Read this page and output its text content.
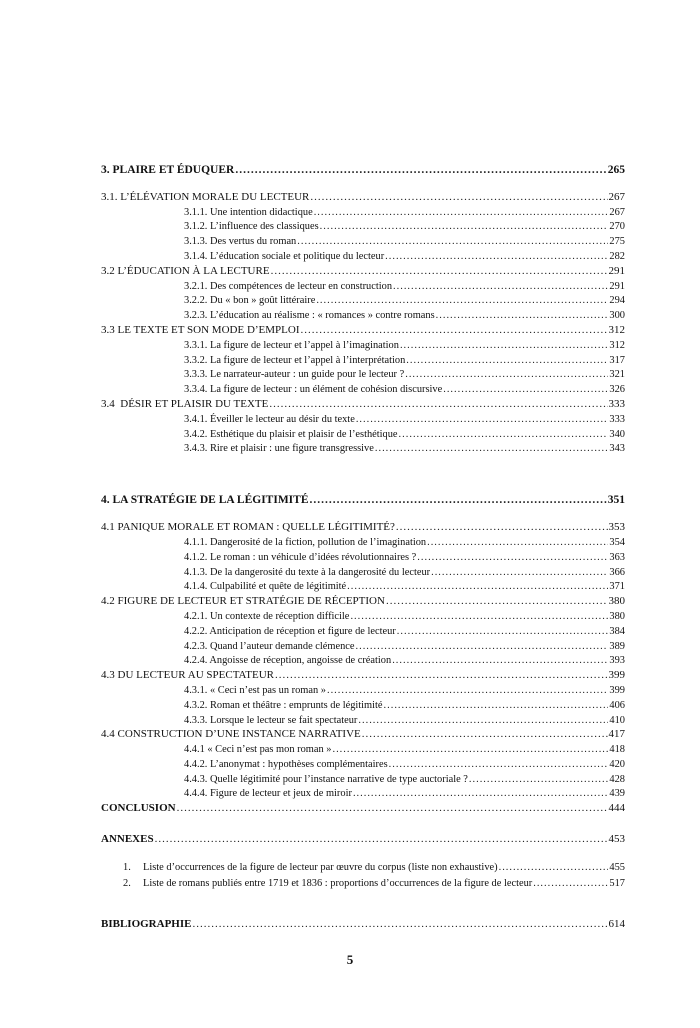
3. PLAIRE ET ÉDUQUER .....	265
3.1. L’ÉLÉVATION MORALE DU LECTEUR .....	267
3.1.1. Une intention didactique .....	267
3.1.2. L’influence des classiques .....	270
3.1.3. Des vertus du roman .....	275
3.1.4. L’éducation sociale et politique du lecteur .....	282
3.2 L’ÉDUCATION À LA LECTURE .....	291
3.2.1. Des compétences de lecteur en construction .....	291
3.2.2. Du « bon » goût littéraire .....	294
3.2.3. L’éducation au réalisme : « romances » contre romans .....	300
3.3 LE TEXTE ET SON MODE D’EMPLOI .....	312
3.3.1. La figure de lecteur et l’appel à l’imagination .....	312
3.3.2. La figure de lecteur et l’appel à l’interprétation .....	317
3.3.3. Le narrateur-auteur : un guide pour le lecteur ? .....	321
3.3.4. La figure de lecteur : un élément de cohésion discursive .....	326
3.4  DÉSIR ET PLAISIR DU TEXTE .....	333
3.4.1. Éveiller le lecteur au désir du texte .....	333
3.4.2. Esthétique du plaisir et plaisir de l’esthétique .....	340
3.4.3. Rire et plaisir : une figure transgressive .....	343
4. LA STRATÉGIE DE LA LÉGITIMITÉ .....	351
4.1 PANIQUE MORALE ET ROMAN : QUELLE LÉGITIMITÉ? .....	353
4.1.1. Dangerosité de la fiction, pollution de l’imagination .....	354
4.1.2. Le roman : un véhicule d’idées révolutionnaires ? .....	363
4.1.3. De la dangerosité du texte à la dangerosité du lecteur .....	366
4.1.4. Culpabilité et quête de légitimité .....	371
4.2 FIGURE DE LECTEUR ET STRATÉGIE DE RÉCEPTION .....	380
4.2.1. Un contexte de réception difficile .....	380
4.2.2. Anticipation de réception et figure de lecteur .....	384
4.2.3. Quand l’auteur demande clémence .....	389
4.2.4. Angoisse de réception, angoisse de création .....	393
4.3 DU LECTEUR AU SPECTATEUR .....	399
4.3.1. « Ceci n’est pas un roman » .....	399
4.3.2. Roman et théâtre : emprunts de légitimité .....	406
4.3.3. Lorsque le lecteur se fait spectateur .....	410
4.4 CONSTRUCTION D’UNE INSTANCE NARRATIVE .....	417
4.4.1 « Ceci n’est pas mon roman » .....	418
4.4.2. L’anonymat : hypothèses complémentaires .....	420
4.4.3. Quelle légitimité pour l’instance narrative de type auctoriale ? .....	428
4.4.4. Figure de lecteur et jeux de miroir .....	439
CONCLUSION .....	444
ANNEXES .....	453
1. Liste d’occurrences de la figure de lecteur par œuvre du corpus (liste non exhaustive) .....	455
2. Liste de romans publiés entre 1719 et 1836 : proportions d’occurrences de la figure de lecteur .....	517
BIBLIOGRAPHIE .....	614
5
